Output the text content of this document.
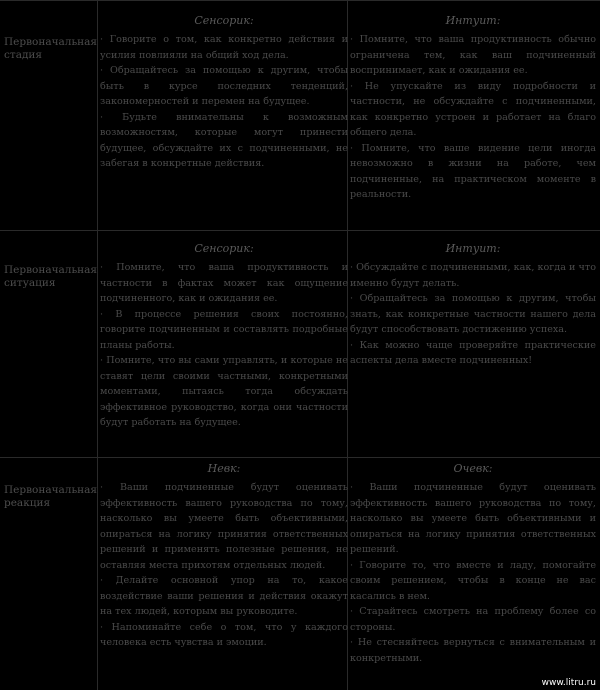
Первоначальная стадия
Сенсорик:

· Говорите о том, как конкретно действия и усилия повлияли на общий ход дела.

· Обращайтесь за помощью к другим, чтобы быть в курсе последних тенденций, закономерностей и перемен на будущее.

· Будьте внимательны к возможным возможностям, которые могут принести будущее, обсуждайте их с подчиненными, не забегая в конкретные действия.

Интуит:

· Помните, что ваша продуктивность обычно ограничена тем, как ваш подчиненный воспринимает, как и ожидания ее.

· Не упускайте из виду подробности и частности, не обсуждайте с подчиненными, как конкретно устроен и работает на благо общего дела.

· Помните, что ваше видение цели иногда невозможно в жизни на работе, чем подчиненные, на практическом моменте в реальности.

Первоначальная ситуация
Сенсорик:

· Помните, что ваша продуктивность и частности в фактах может как ощущение подчиненного, как и ожидания ее.

· В процессе решения своих постоянно, говорите подчиненным и составлять подробные планы работы.

· Помните, что вы сами управлять, и которые не ставят цели своими частными, конкретными моментами, пытаясь тогда обсуждать эффективное руководство, когда они частности будут работать на будущее.

Интуит:

· Обсуждайте с подчиненными, как, когда и что именно будут делать.

· Обращайтесь за помощью к другим, чтобы знать, как конкретные частности нашего дела будут способствовать достижению успеха.

· Как можно чаще проверяйте практические аспекты дела вместе подчиненных!

Первоначальная реакция
Невк:

· Ваши подчиненные будут оценивать эффективность вашего руководства по тому, насколько вы умеете быть объективными, опираться на логику принятия ответственных решений и применять полезные решения, не оставляя места прихотям отдельных людей.

· Делайте основной упор на то, какое воздействие ваши решения и действия окажут на тех людей, которым вы руководите.

· Напоминайте себе о том, что у каждого человека есть чувства и эмоции.

Очевк:

· Ваши подчиненные будут оценивать эффективность вашего руководства по тому, насколько вы умеете быть объективными и опираться на логику принятия ответственных решений.

· Говорите то, что вместе и ладу, помогайте своим решением, чтобы в конце не вас касались в нем.

· Старайтесь смотреть на проблему более со стороны.

· Не стесняйтесь вернуться с внимательным и конкретными.

www.litru.ru
